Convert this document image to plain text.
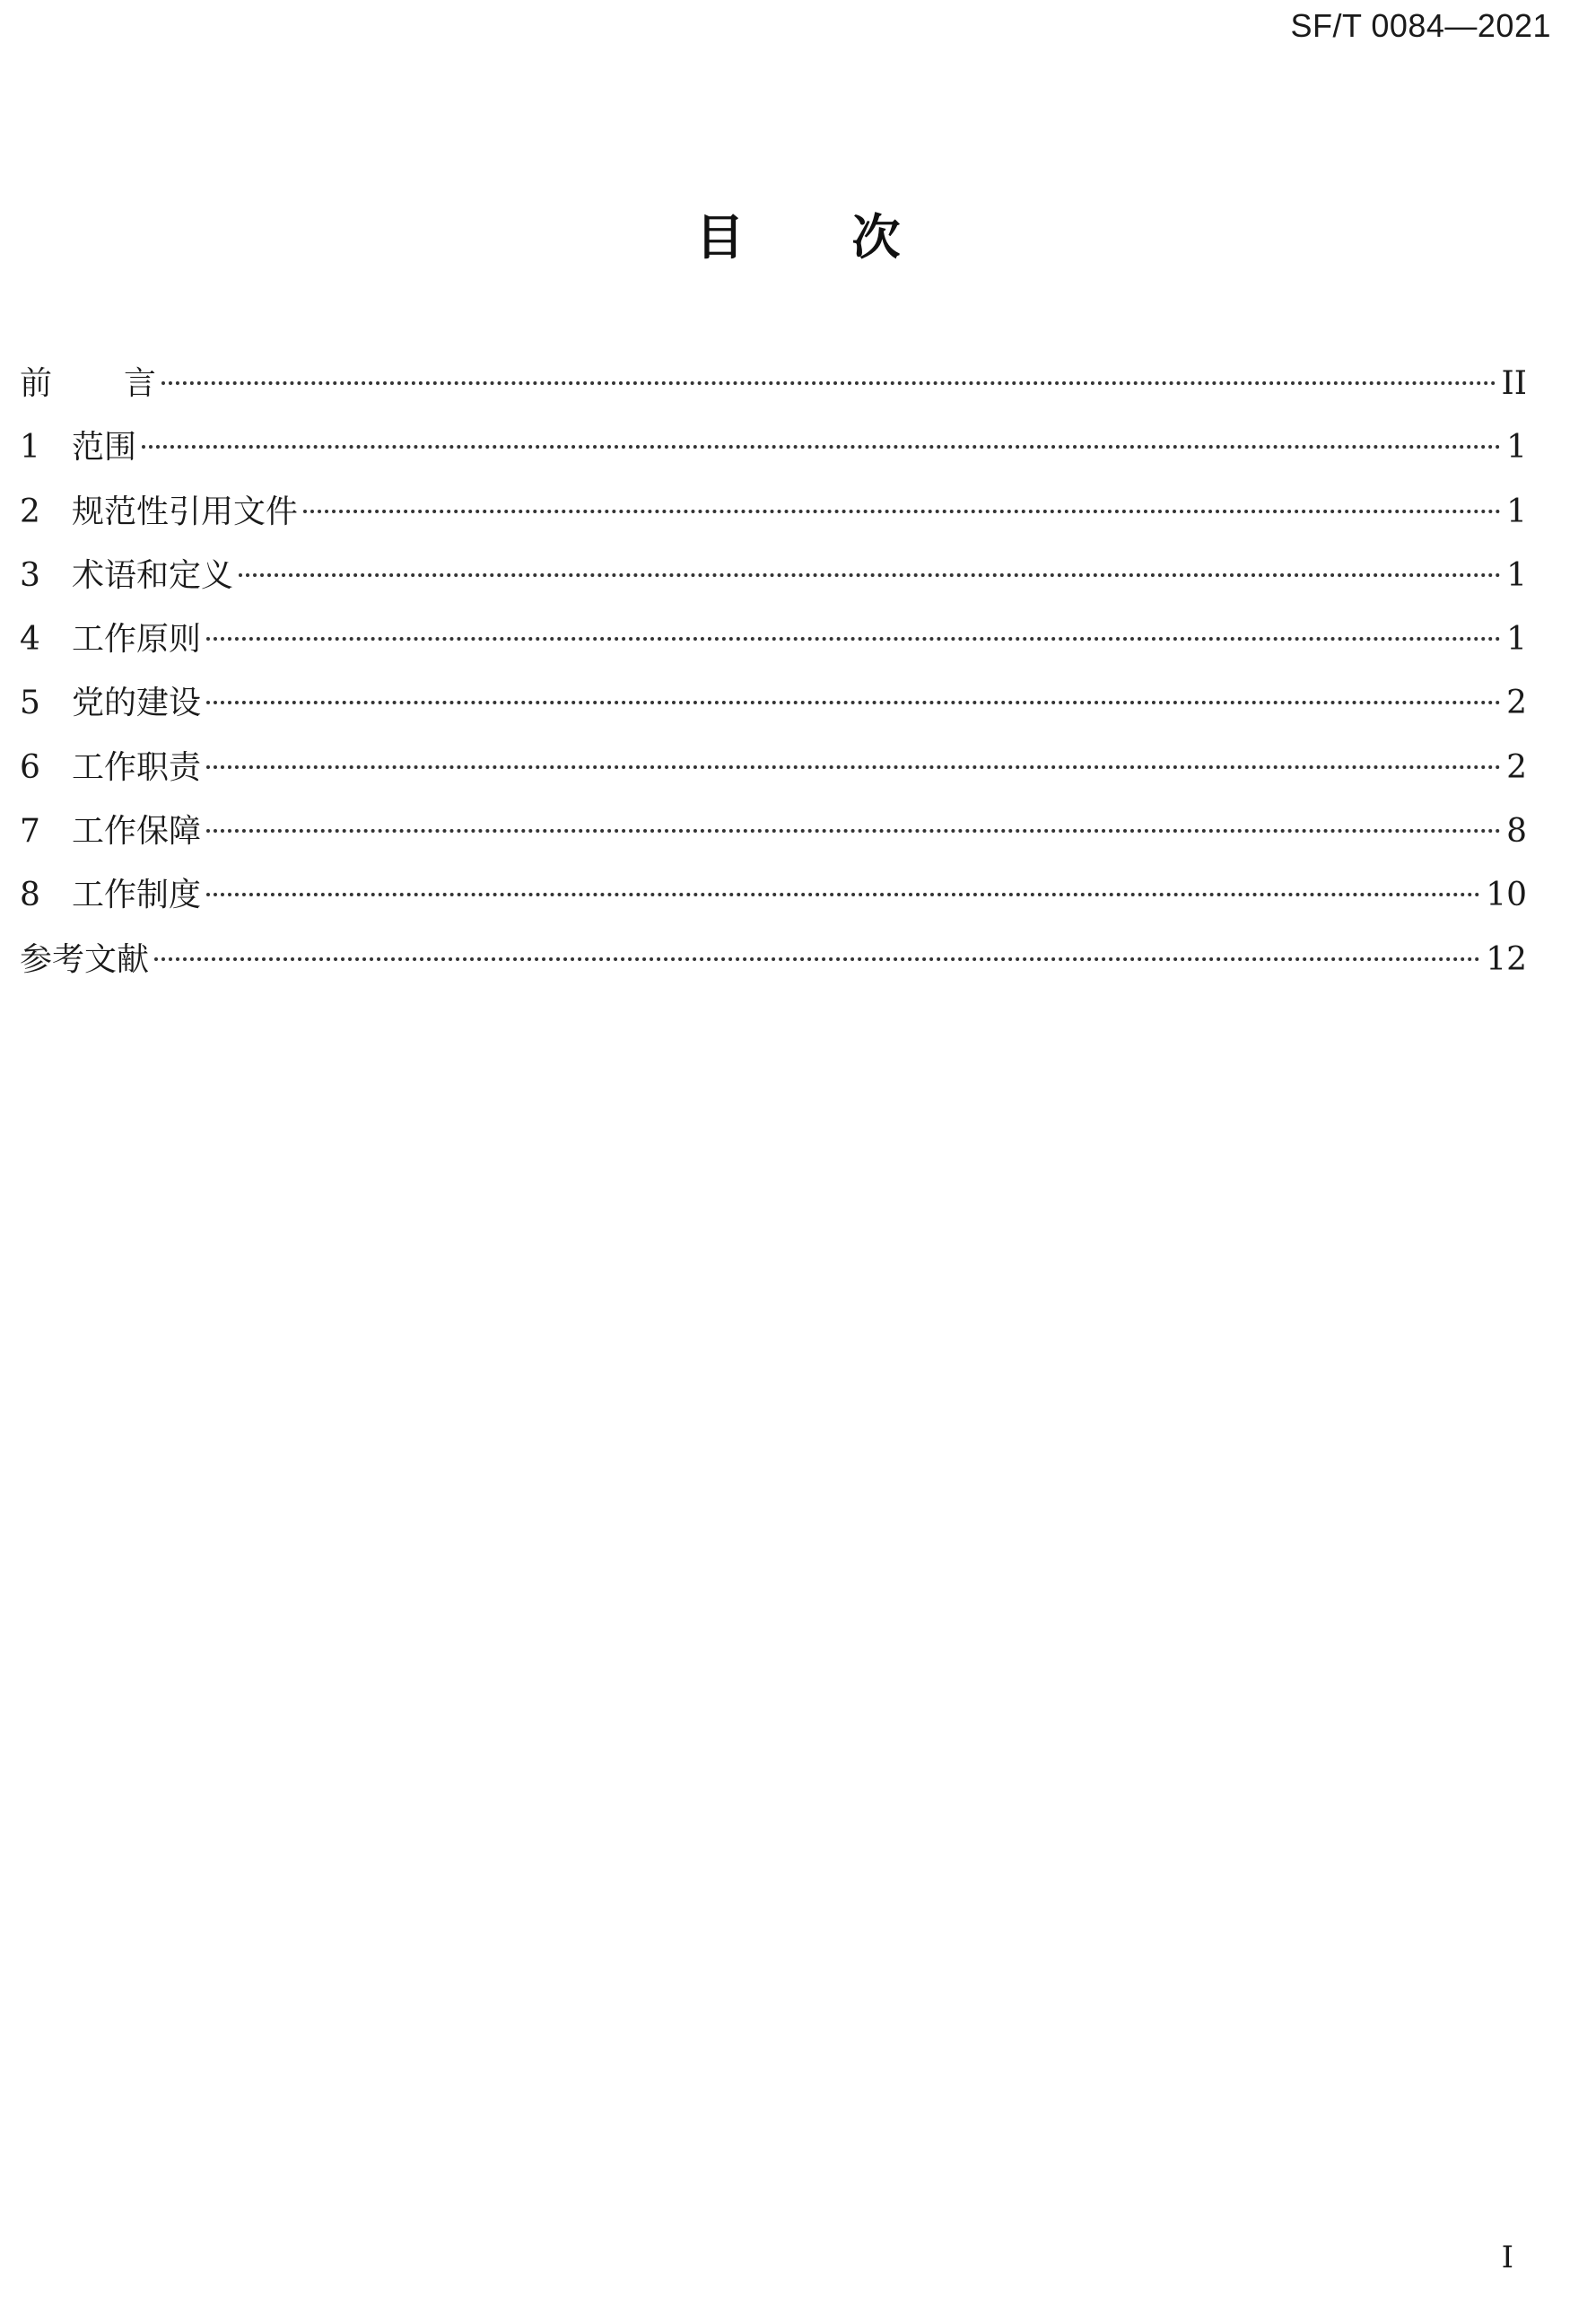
SF/T 0084—2021
目次
前 言	II
1 范围	1
2 规范性引用文件	1
3 术语和定义	1
4 工作原则	1
5 党的建设	2
6 工作职责	2
7 工作保障	8
8 工作制度	10
参考文献	12
I
